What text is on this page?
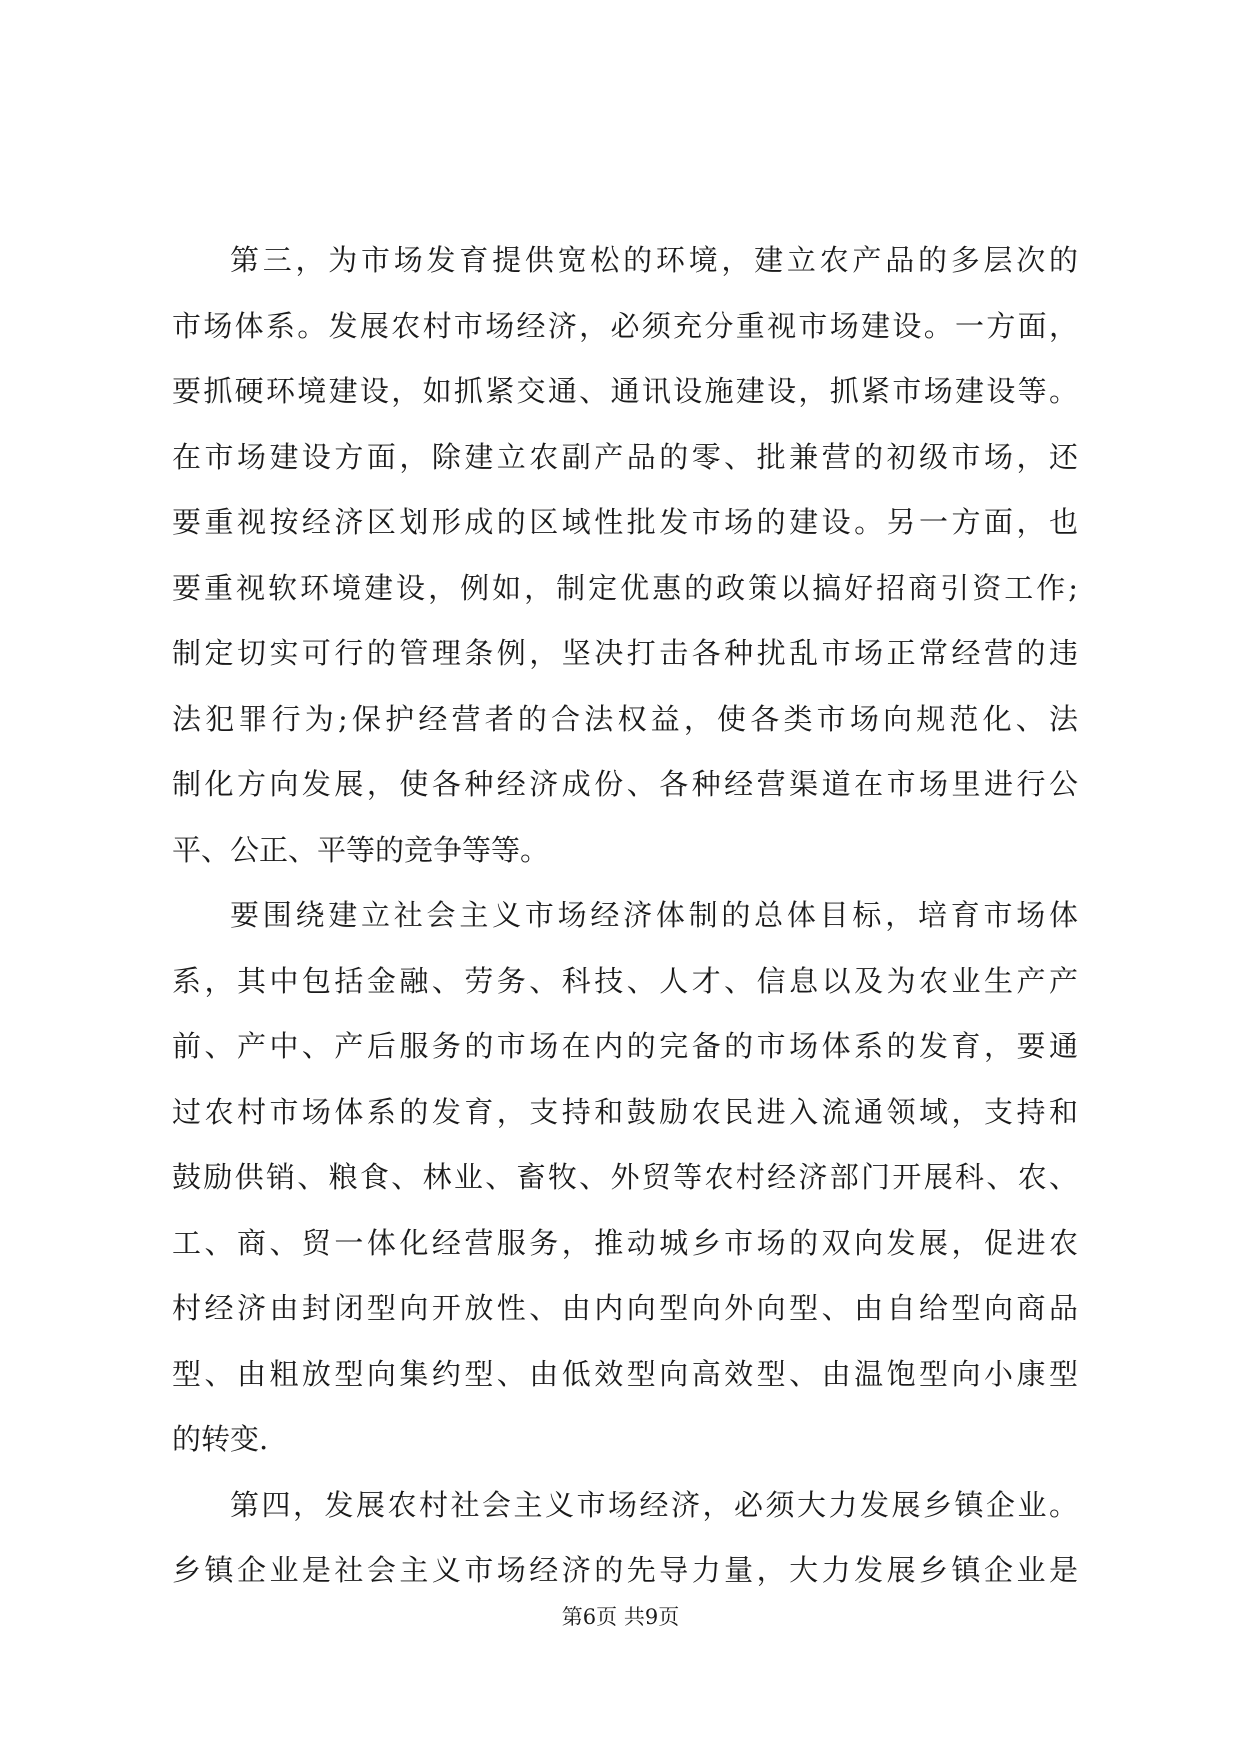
第三，为市场发育提供宽松的环境，建立农产品的多层次的
市场体系。发展农村市场经济，必须充分重视市场建设。一方面，
要抓硬环境建设，如抓紧交通、通讯设施建设，抓紧市场建设等。
在市场建设方面，除建立农副产品的零、批兼营的初级市场，还
要重视按经济区划形成的区域性批发市场的建设。另一方面，也
要重视软环境建设，例如，制定优惠的政策以搞好招商引资工作;
制定切实可行的管理条例，坚决打击各种扰乱市场正常经营的违
法犯罪行为;保护经营者的合法权益，使各类市场向规范化、法
制化方向发展，使各种经济成份、各种经营渠道在市场里进行公
平、公正、平等的竞争等等。
要围绕建立社会主义市场经济体制的总体目标，培育市场体
系，其中包括金融、劳务、科技、人才、信息以及为农业生产产
前、产中、产后服务的市场在内的完备的市场体系的发育，要通
过农村市场体系的发育，支持和鼓励农民进入流通领域，支持和
鼓励供销、粮食、林业、畜牧、外贸等农村经济部门开展科、农、
工、商、贸一体化经营服务，推动城乡市场的双向发展，促进农
村经济由封闭型向开放性、由内向型向外向型、由自给型向商品
型、由粗放型向集约型、由低效型向高效型、由温饱型向小康型
的转变.
第四，发展农村社会主义市场经济，必须大力发展乡镇企业。
乡镇企业是社会主义市场经济的先导力量，大力发展乡镇企业是
第6页 共9页
